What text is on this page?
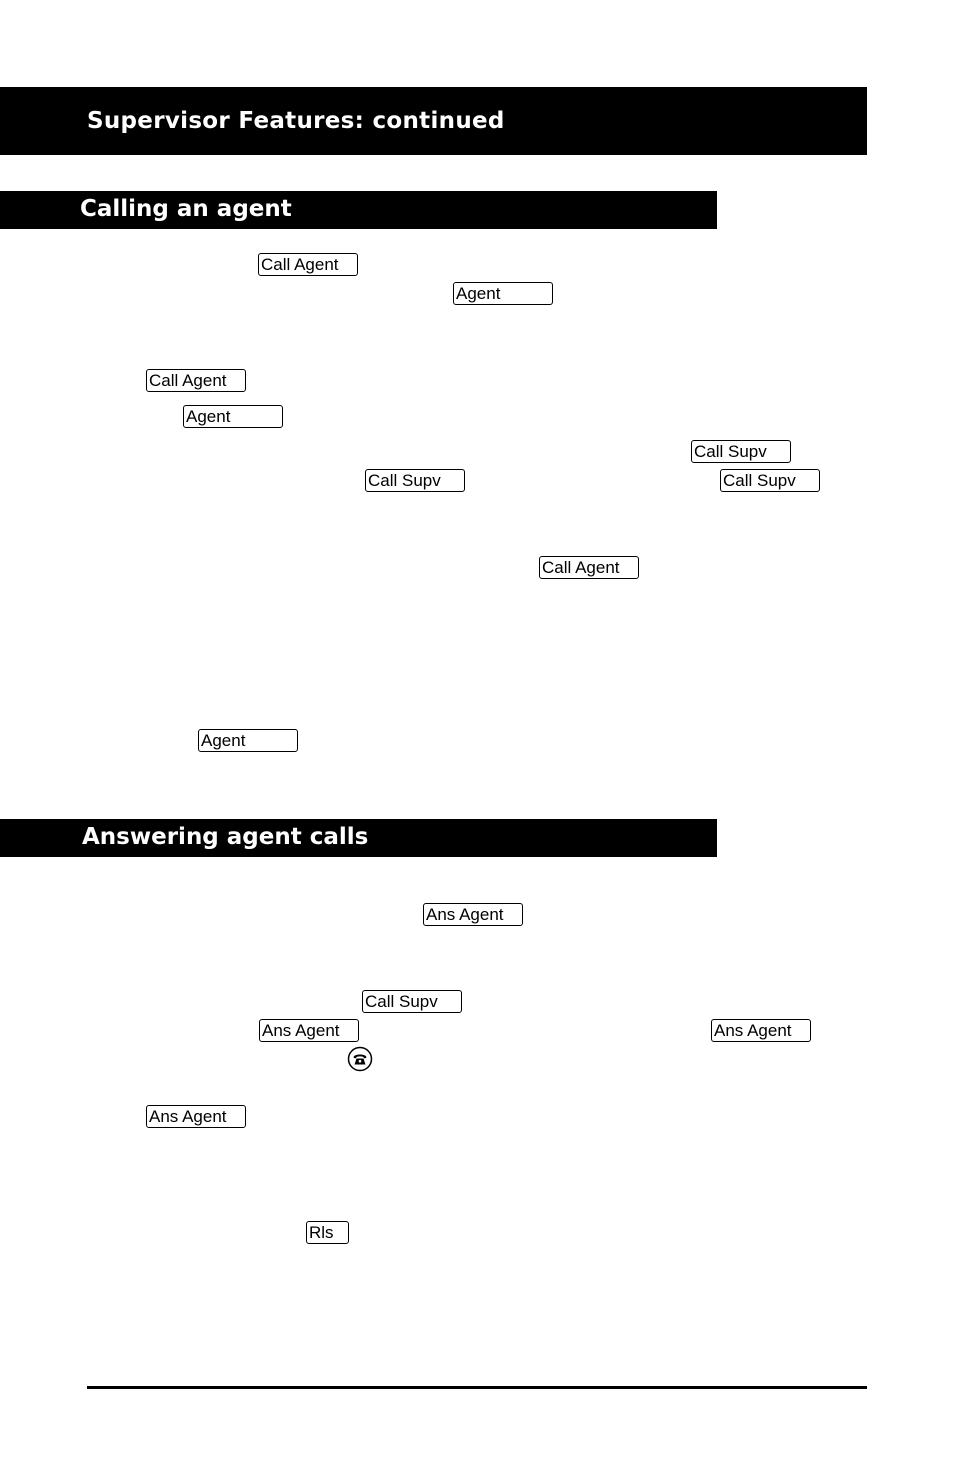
Supervisor Features: continued
Calling an agent
Call Agent
Agent
Call Agent
Agent
Call Supv
Call Supv	Call Supv
Call Agent
Agent
Answering agent calls
Ans Agent
Call Supv
Ans Agent	Ans Agent
Ans Agent
Rls
